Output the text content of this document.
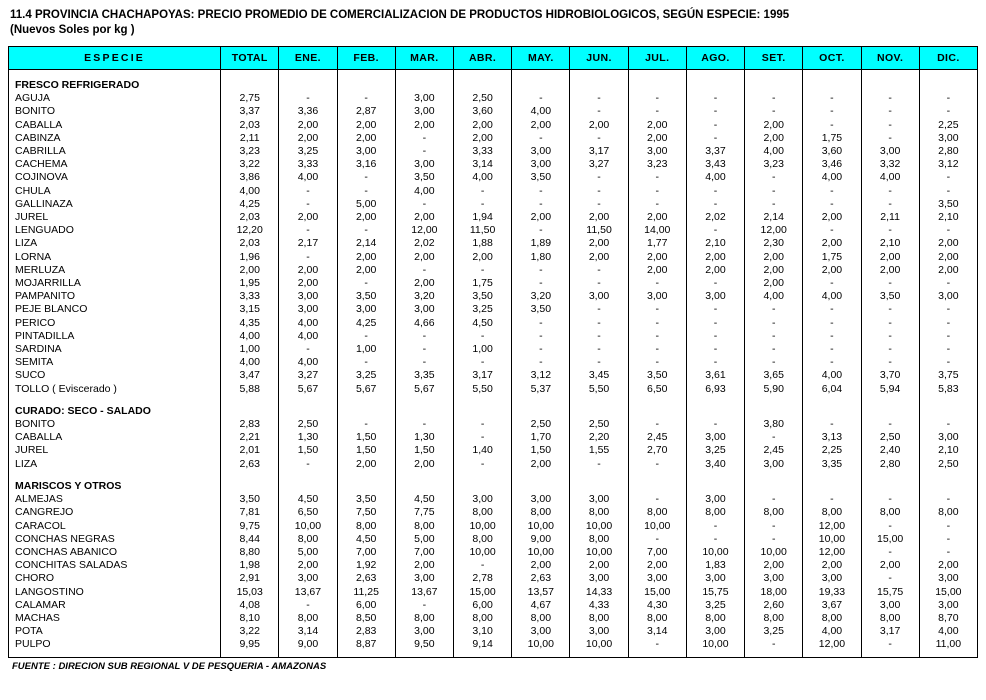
11.4 PROVINCIA CHACHAPOYAS: PRECIO PROMEDIO DE COMERCIALIZACION DE PRODUCTOS HIDROBIOLOGICOS, SEGÚN ESPECIE: 1995
(Nuevos Soles por kg )
ESPECIE	TOTAL	ENE.	FEB.	MAR.	ABR.	MAY.	JUN.	JUL.	AGO.	SET.	OCT.	NOV.	DIC.

FRESCO REFRIGERADO													
AGUJA	2,75	-	-	3,00	2,50	-	-	-	-	-	-	-	-
BONITO	3,37	3,36	2,87	3,00	3,60	4,00	-	-	-	-	-	-	-
CABALLA	2,03	2,00	2,00	2,00	2,00	2,00	2,00	2,00	-	2,00	-	-	2,25
CABINZA	2,11	2,00	2,00	-	2,00	-	-	2,00	-	2,00	1,75	-	3,00
CABRILLA	3,23	3,25	3,00	-	3,33	3,00	3,17	3,00	3,37	4,00	3,60	3,00	2,80
CACHEMA	3,22	3,33	3,16	3,00	3,14	3,00	3,27	3,23	3,43	3,23	3,46	3,32	3,12
COJINOVA	3,86	4,00	-	3,50	4,00	3,50	-	-	4,00	-	4,00	4,00	-
CHULA	4,00	-	-	4,00	-	-	-	-	-	-	-	-	-
GALLINAZA	4,25	-	5,00	-	-	-	-	-	-	-	-	-	3,50
JUREL	2,03	2,00	2,00	2,00	1,94	2,00	2,00	2,00	2,02	2,14	2,00	2,11	2,10
LENGUADO	12,20	-	-	12,00	11,50	-	11,50	14,00	-	12,00	-	-	-
LIZA	2,03	2,17	2,14	2,02	1,88	1,89	2,00	1,77	2,10	2,30	2,00	2,10	2,00
LORNA	1,96	-	2,00	2,00	2,00	1,80	2,00	2,00	2,00	2,00	1,75	2,00	2,00
MERLUZA	2,00	2,00	2,00	-	-	-	-	2,00	2,00	2,00	2,00	2,00	2,00
MOJARRILLA	1,95	2,00	-	2,00	1,75	-	-	-	-	2,00	-	-	-
PAMPANITO	3,33	3,00	3,50	3,20	3,50	3,20	3,00	3,00	3,00	4,00	4,00	3,50	3,00
PEJE BLANCO	3,15	3,00	3,00	3,00	3,25	3,50	-	-	-	-	-	-	-
PERICO	4,35	4,00	4,25	4,66	4,50	-	-	-	-	-	-	-	-
PINTADILLA	4,00	4,00	-	-	-	-	-	-	-	-	-	-	-
SARDINA	1,00	-	1,00	-	1,00	-	-	-	-	-	-	-	-
SEMITA	4,00	4,00	-	-	-	-	-	-	-	-	-	-	-
SUCO	3,47	3,27	3,25	3,35	3,17	3,12	3,45	3,50	3,61	3,65	4,00	3,70	3,75
TOLLO ( Eviscerado )	5,88	5,67	5,67	5,67	5,50	5,37	5,50	6,50	6,93	5,90	6,04	5,94	5,83

CURADO: SECO - SALADO													
BONITO	2,83	2,50	-	-	-	2,50	2,50	-	-	3,80	-	-	-
CABALLA	2,21	1,30	1,50	1,30	-	1,70	2,20	2,45	3,00	-	3,13	2,50	3,00
JUREL	2,01	1,50	1,50	1,50	1,40	1,50	1,55	2,70	3,25	2,45	2,25	2,40	2,10
LIZA	2,63	-	2,00	2,00	-	2,00	-	-	3,40	3,00	3,35	2,80	2,50

MARISCOS Y OTROS													
ALMEJAS	3,50	4,50	3,50	4,50	3,00	3,00	3,00	-	3,00	-	-	-	-
CANGREJO	7,81	6,50	7,50	7,75	8,00	8,00	8,00	8,00	8,00	8,00	8,00	8,00	8,00
CARACOL	9,75	10,00	8,00	8,00	10,00	10,00	10,00	10,00	-	-	12,00	-	-
CONCHAS NEGRAS	8,44	8,00	4,50	5,00	8,00	9,00	8,00	-	-	-	10,00	15,00	-
CONCHAS ABANICO	8,80	5,00	7,00	7,00	10,00	10,00	10,00	7,00	10,00	10,00	12,00	-	-
CONCHITAS SALADAS	1,98	2,00	1,92	2,00	-	2,00	2,00	2,00	1,83	2,00	2,00	2,00	2,00
CHORO	2,91	3,00	2,63	3,00	2,78	2,63	3,00	3,00	3,00	3,00	3,00	-	3,00
LANGOSTINO	15,03	13,67	11,25	13,67	15,00	13,57	14,33	15,00	15,75	18,00	19,33	15,75	15,00
CALAMAR	4,08	-	6,00	-	6,00	4,67	4,33	4,30	3,25	2,60	3,67	3,00	3,00
MACHAS	8,10	8,00	8,50	8,00	8,00	8,00	8,00	8,00	8,00	8,00	8,00	8,00	8,70
POTA	3,22	3,14	2,83	3,00	3,10	3,00	3,00	3,14	3,00	3,25	4,00	3,17	4,00
PULPO	9,95	9,00	8,87	9,50	9,14	10,00	10,00	-	10,00	-	12,00	-	11,00

FUENTE : DIRECION SUB REGIONAL V DE PESQUERIA - AMAZONAS
